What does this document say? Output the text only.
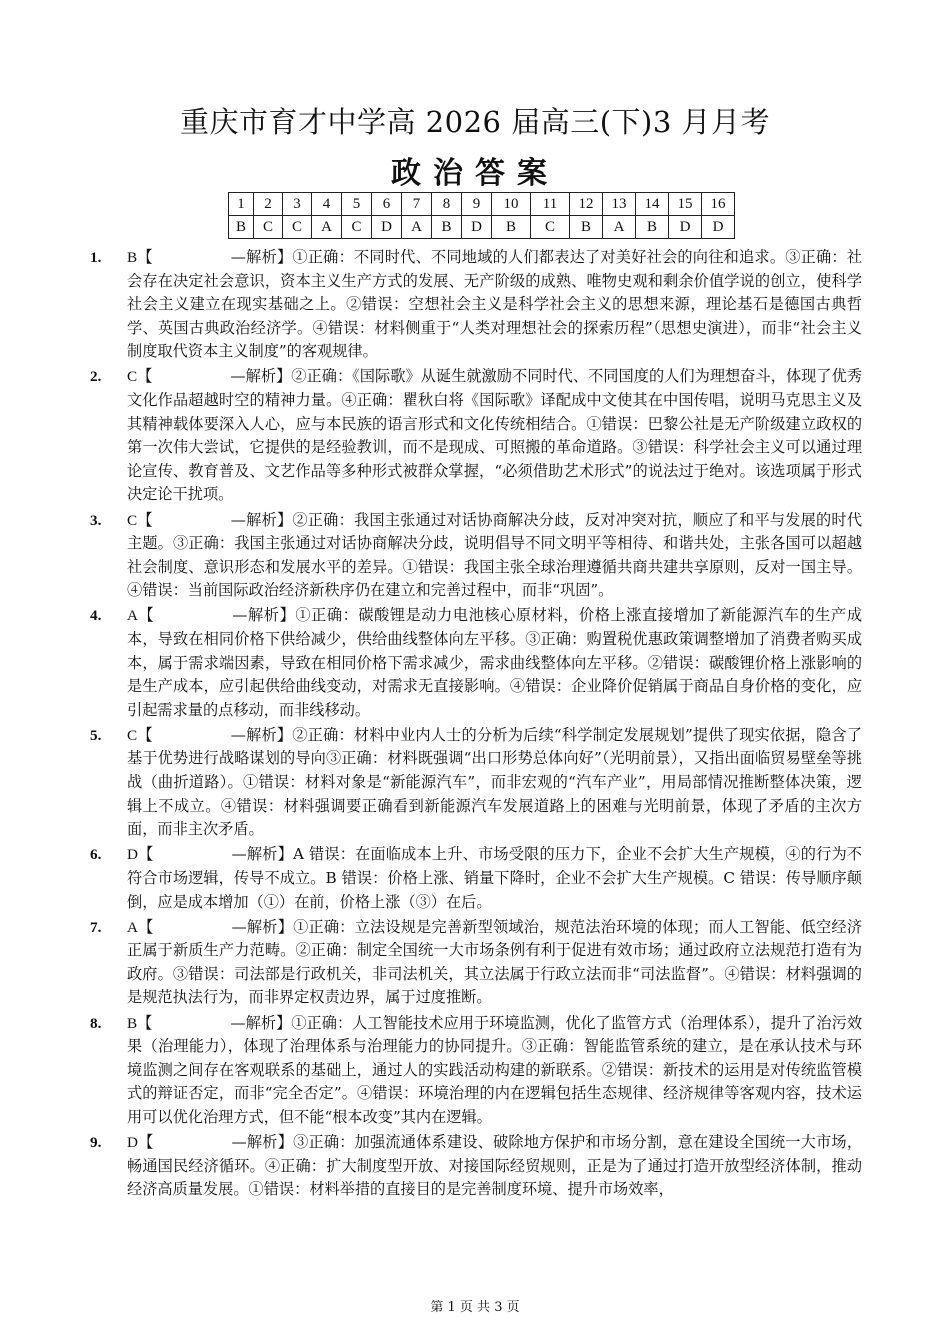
重庆市育才中学高 2026 届高三(下)3 月月考
政治答案
1	2	3	4	5	6	7	8	9	10	11	12	13	14	15	16
B	C	C	A	C	D	A	B	D	B	C	B	A	B	D	D
1.	B【	—解析】①正确：不同时代、不同地域的人们都表达了对美好社会的向往和追求。③正确：社会存在决定社会意识，资本主义生产方式的发展、无产阶级的成熟、唯物史观和剩余价值学说的创立，使科学社会主义建立在现实基础之上。②错误：空想社会主义是科学社会主义的思想来源，理论基石是德国古典哲学、英国古典政治经济学。④错误：材料侧重于“人类对理想社会的探索历程”（思想史演进），而非“社会主义制度取代资本主义制度”的客观规律。
2.	C【	—解析】②正确：《国际歌》从诞生就激励不同时代、不同国度的人们为理想奋斗，体现了优秀文化作品超越时空的精神力量。④正确：瞿秋白将《国际歌》译配成中文使其在中国传唱，说明马克思主义及其精神载体要深入人心，应与本民族的语言形式和文化传统相结合。①错误：巴黎公社是无产阶级建立政权的第一次伟大尝试，它提供的是经验教训，而不是现成、可照搬的革命道路。③错误：科学社会主义可以通过理论宣传、教育普及、文艺作品等多种形式被群众掌握，“必须借助艺术形式”的说法过于绝对。该选项属于形式决定论干扰项。
3.	C【	—解析】②正确：我国主张通过对话协商解决分歧，反对冲突对抗，顺应了和平与发展的时代主题。③正确：我国主张通过对话协商解决分歧，说明倡导不同文明平等相待、和谐共处，主张各国可以超越社会制度、意识形态和发展水平的差异。①错误：我国主张全球治理遵循共商共建共享原则，反对一国主导。④错误：当前国际政治经济新秩序仍在建立和完善过程中，而非“巩固”。
4.	A【	—解析】①正确：碳酸锂是动力电池核心原材料，价格上涨直接增加了新能源汽车的生产成本，导致在相同价格下供给减少，供给曲线整体向左平移。③正确：购置税优惠政策调整增加了消费者购买成本，属于需求端因素，导致在相同价格下需求减少，需求曲线整体向左平移。②错误：碳酸锂价格上涨影响的是生产成本，应引起供给曲线变动，对需求无直接影响。④错误：企业降价促销属于商品自身价格的变化，应引起需求量的点移动，而非线移动。
5.	C【	—解析】②正确：材料中业内人士的分析为后续“科学制定发展规划”提供了现实依据，隐含了基于优势进行战略谋划的导向③正确：材料既强调“出口形势总体向好”（光明前景），又指出面临贸易壁垒等挑战（曲折道路）。①错误：材料对象是“新能源汽车”，而非宏观的“汽车产业”，用局部情况推断整体决策，逻辑上不成立。④错误：材料强调要正确看到新能源汽车发展道路上的困难与光明前景，体现了矛盾的主次方面，而非主次矛盾。
6.	D【	—解析】A 错误：在面临成本上升、市场受限的压力下，企业不会扩大生产规模，④的行为不符合市场逻辑，传导不成立。B 错误：价格上涨、销量下降时，企业不会扩大生产规模。C 错误：传导顺序颠倒，应是成本增加（①）在前，价格上涨（③）在后。
7.	A【	—解析】①正确：立法设规是完善新型领域治，规范法治环境的体现；而人工智能、低空经济正属于新质生产力范畴。②正确：制定全国统一大市场条例有利于促进有效市场；通过政府立法规范打造有为政府。③错误：司法部是行政机关，非司法机关，其立法属于行政立法而非“司法监督”。④错误：材料强调的是规范执法行为，而非界定权责边界，属于过度推断。
8.	B【	—解析】①正确：人工智能技术应用于环境监测，优化了监管方式（治理体系），提升了治污效果（治理能力），体现了治理体系与治理能力的协同提升。③正确：智能监管系统的建立，是在承认技术与环境监测之间存在客观联系的基础上，通过人的实践活动构建的新联系。②错误：新技术的运用是对传统监管模式的辩证否定，而非“完全否定”。④错误：环境治理的内在逻辑包括生态规律、经济规律等客观内容，技术运用可以优化治理方式，但不能“根本改变”其内在逻辑。
9.	D【	—解析】③正确：加强流通体系建设、破除地方保护和市场分割，意在建设全国统一大市场，畅通国民经济循环。④正确：扩大制度型开放、对接国际经贸规则，正是为了通过打造开放型经济体制，推动经济高质量发展。①错误：材料举措的直接目的是完善制度环境、提升市场效率，
第 1 页 共 3 页
